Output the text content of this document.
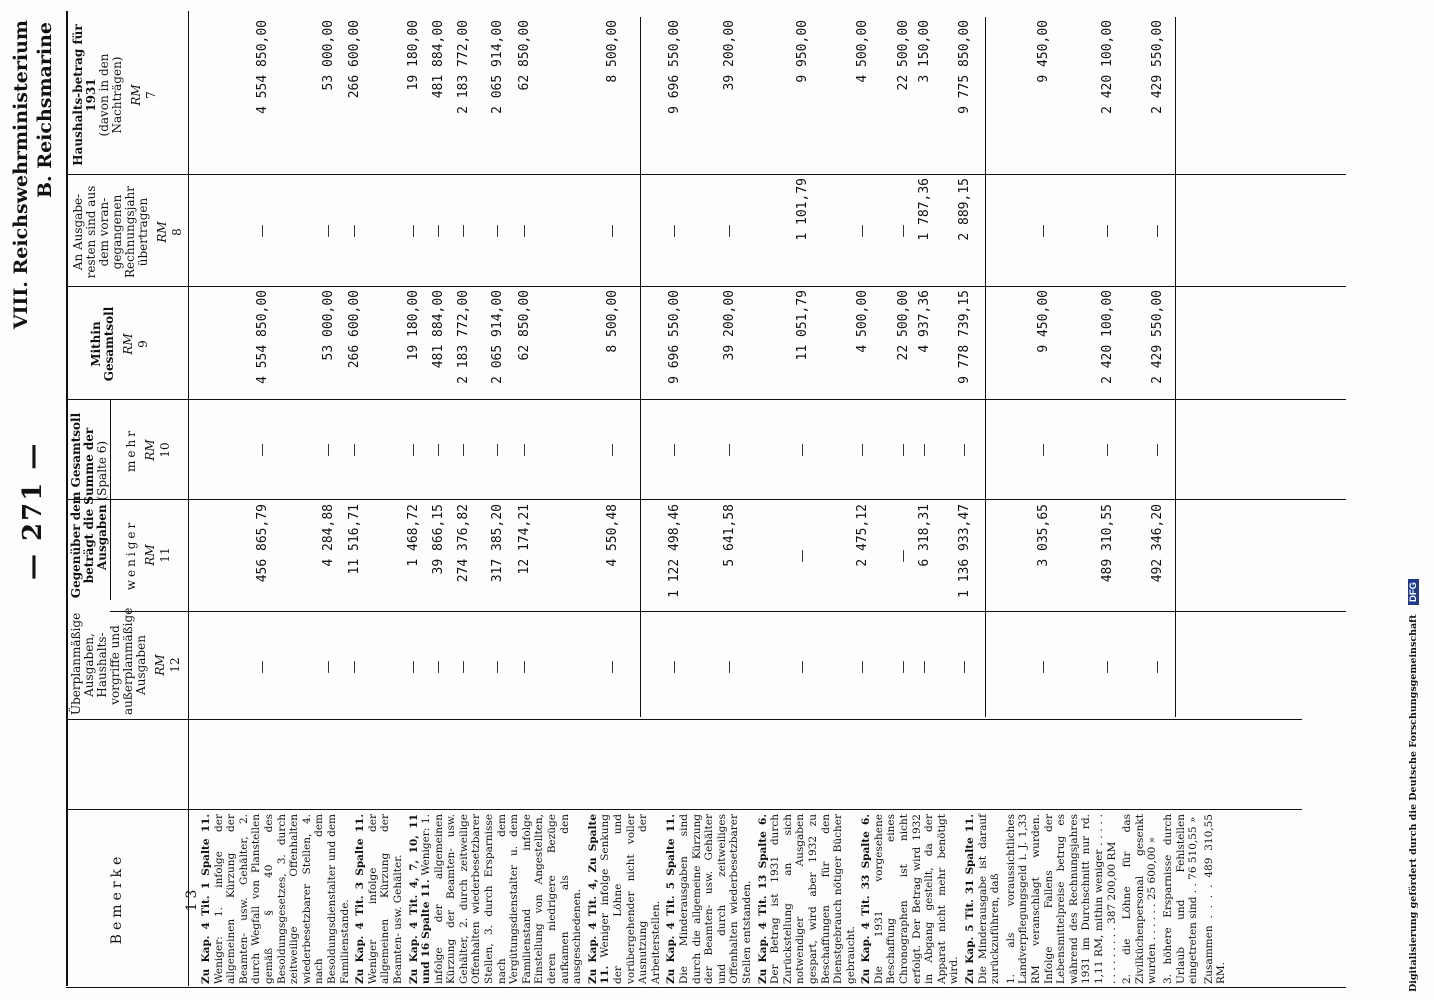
— 271 —
VIII. Reichswehrministerium B. Reichsmarine Haushalts-betrag für 1931
(davon in den Nachträgen) RM 7
An Ausgabe-resten sind aus dem voran-gegangenen Rechnungsjahr übertragen RM 8
Mithin Gesamtsoll RM 9
Gegenüber dem Gesamtsoll beträgt die Summe der Ausgaben (Spalte 6) mehr RM 10
weniger RM 11
Überplanmäßige Ausgaben, Haushalts-vorgriffe und außerplanmäßige Ausgaben RM 12
Bemerke	13
4 554 850,00
—
4 554 850,00
—
456 865,79
—
53 000,00
—
53 000,00
—
4 284,88
—
266 600,00
—
266 600,00
—
11 516,71
—
19 180,00
—
19 180,00
—
1 468,72
—
481 884,00
—
481 884,00
—
39 866,15
—
2 183 772,00
—
2 183 772,00
—
274 376,82
—
2 065 914,00
—
2 065 914,00
—
317 385,20
—
62 850,00
—
62 850,00
—
12 174,21
—
8 500,00
—
8 500,00
—
4 550,48
—
9 696 550,00
—
9 696 550,00
—
1 122 498,46
—
39 200,00
—
39 200,00
—
5 641,58
—
9 950,00
1 101,79
11 051,79
—
—
—
4 500,00
—
4 500,00
—
2 475,12
—
22 500,00
—
22 500,00
—
—
—
3 150,00
1 787,36
4 937,36
—
6 318,31
—
9 775 850,00
2 889,15
9 778 739,15
—
1 136 933,47
—
9 450,00
—
9 450,00
—
3 035,65
—
2 420 100,00
—
2 420 100,00
—
489 310,55
—
2 429 550,00
—
2 429 550,00
—
492 346,20
—

Zu Kap. 4 Tit. 1 Spalte 11. Weniger: 1. infolge der allgemeinen Kürzung der Beamten- usw. Gehälter, 2. durch Wegfall von Planstellen gemäß § 40 des Besoldungsgesetzes, 3. durch zeitweilige Offenhalten wiederbesetzbarer Stellen, 4. nach dem Besoldungsdienstalter und dem Familienstande. Zu Kap. 4 Tit. 3 Spalte 11. Weniger infolge der allgemeinen Kürzung der Beamten- usw. Gehälter. Zu Kap. 4 Tit. 4, 7, 10, 11 und 16 Spalte 11. Weniger: 1. infolge der allgemeinen Kürzung der Beamten- usw. Gehälter, 2. durch zeitweilige Offenhalten wiederbesetzbarer Stellen, 3. durch Ersparnisse nach dem Vergütungsdienstalter u. dem Familienstand infolge Einstellung von Angestellten, deren niedrigere Bezüge aufkamen als den ausgeschiedenen. Zu Kap. 4 Tit. 4, Zu Spalte 11. Weniger infolge Senkung der Löhne und vorübergehender nicht voller Ausnutzung der Arbeiterstellen. Zu Kap. 4 Tit. 5 Spalte 11. Die Minderausgaben sind durch die allgemeine Kürzung der Beamten- usw. Gehälter und durch zeitweiliges Offenhalten wiederbesetzbarer Stellen entstanden. Zu Kap. 4 Tit. 13 Spalte 6. Der Betrag ist 1931 durch Zurückstellung an sich notwendiger Ausgaben gespart, wird aber 1932 zu Beschaffungen für den Dienstgebrauch nötiger Bücher gebraucht. Zu Kap. 4 Tit. 33 Spalte 6. Die 1931 vorgesehene Beschaffung eines Chronographen ist nicht erfolgt. Der Betrag wird 1932 in Abgang gestellt, da der Apparat nicht mehr benötigt wird. Zu Kap. 5 Tit. 31 Spalte 11. Die Minderausgabe ist darauf zurückzuführen, daß 1. als voraussichtliches Landverpflegungsgeld i. J. 1,33 RM veranschlagt wurden. Infolge Fallens der Lebensmittelpreise betrug es während des Rechnungsjahres 1931 im Durchschnitt nur rd. 1,11 RM, mithin weniger . . . . . . . . . . . . . . 387 200,00 RM 2. die Löhne für das Zivilküchenpersonal gesenkt wurden . . . . . . 25 600,00 » 3. höhere Ersparnisse durch Urlaub und Fehlstellen eingetreten sind . . 76 510,55 » Zusammen . . . . 489 310,55 RM.	Digitalisierung gefördert durch die Deutsche Forschungsgemeinschaft DFG
